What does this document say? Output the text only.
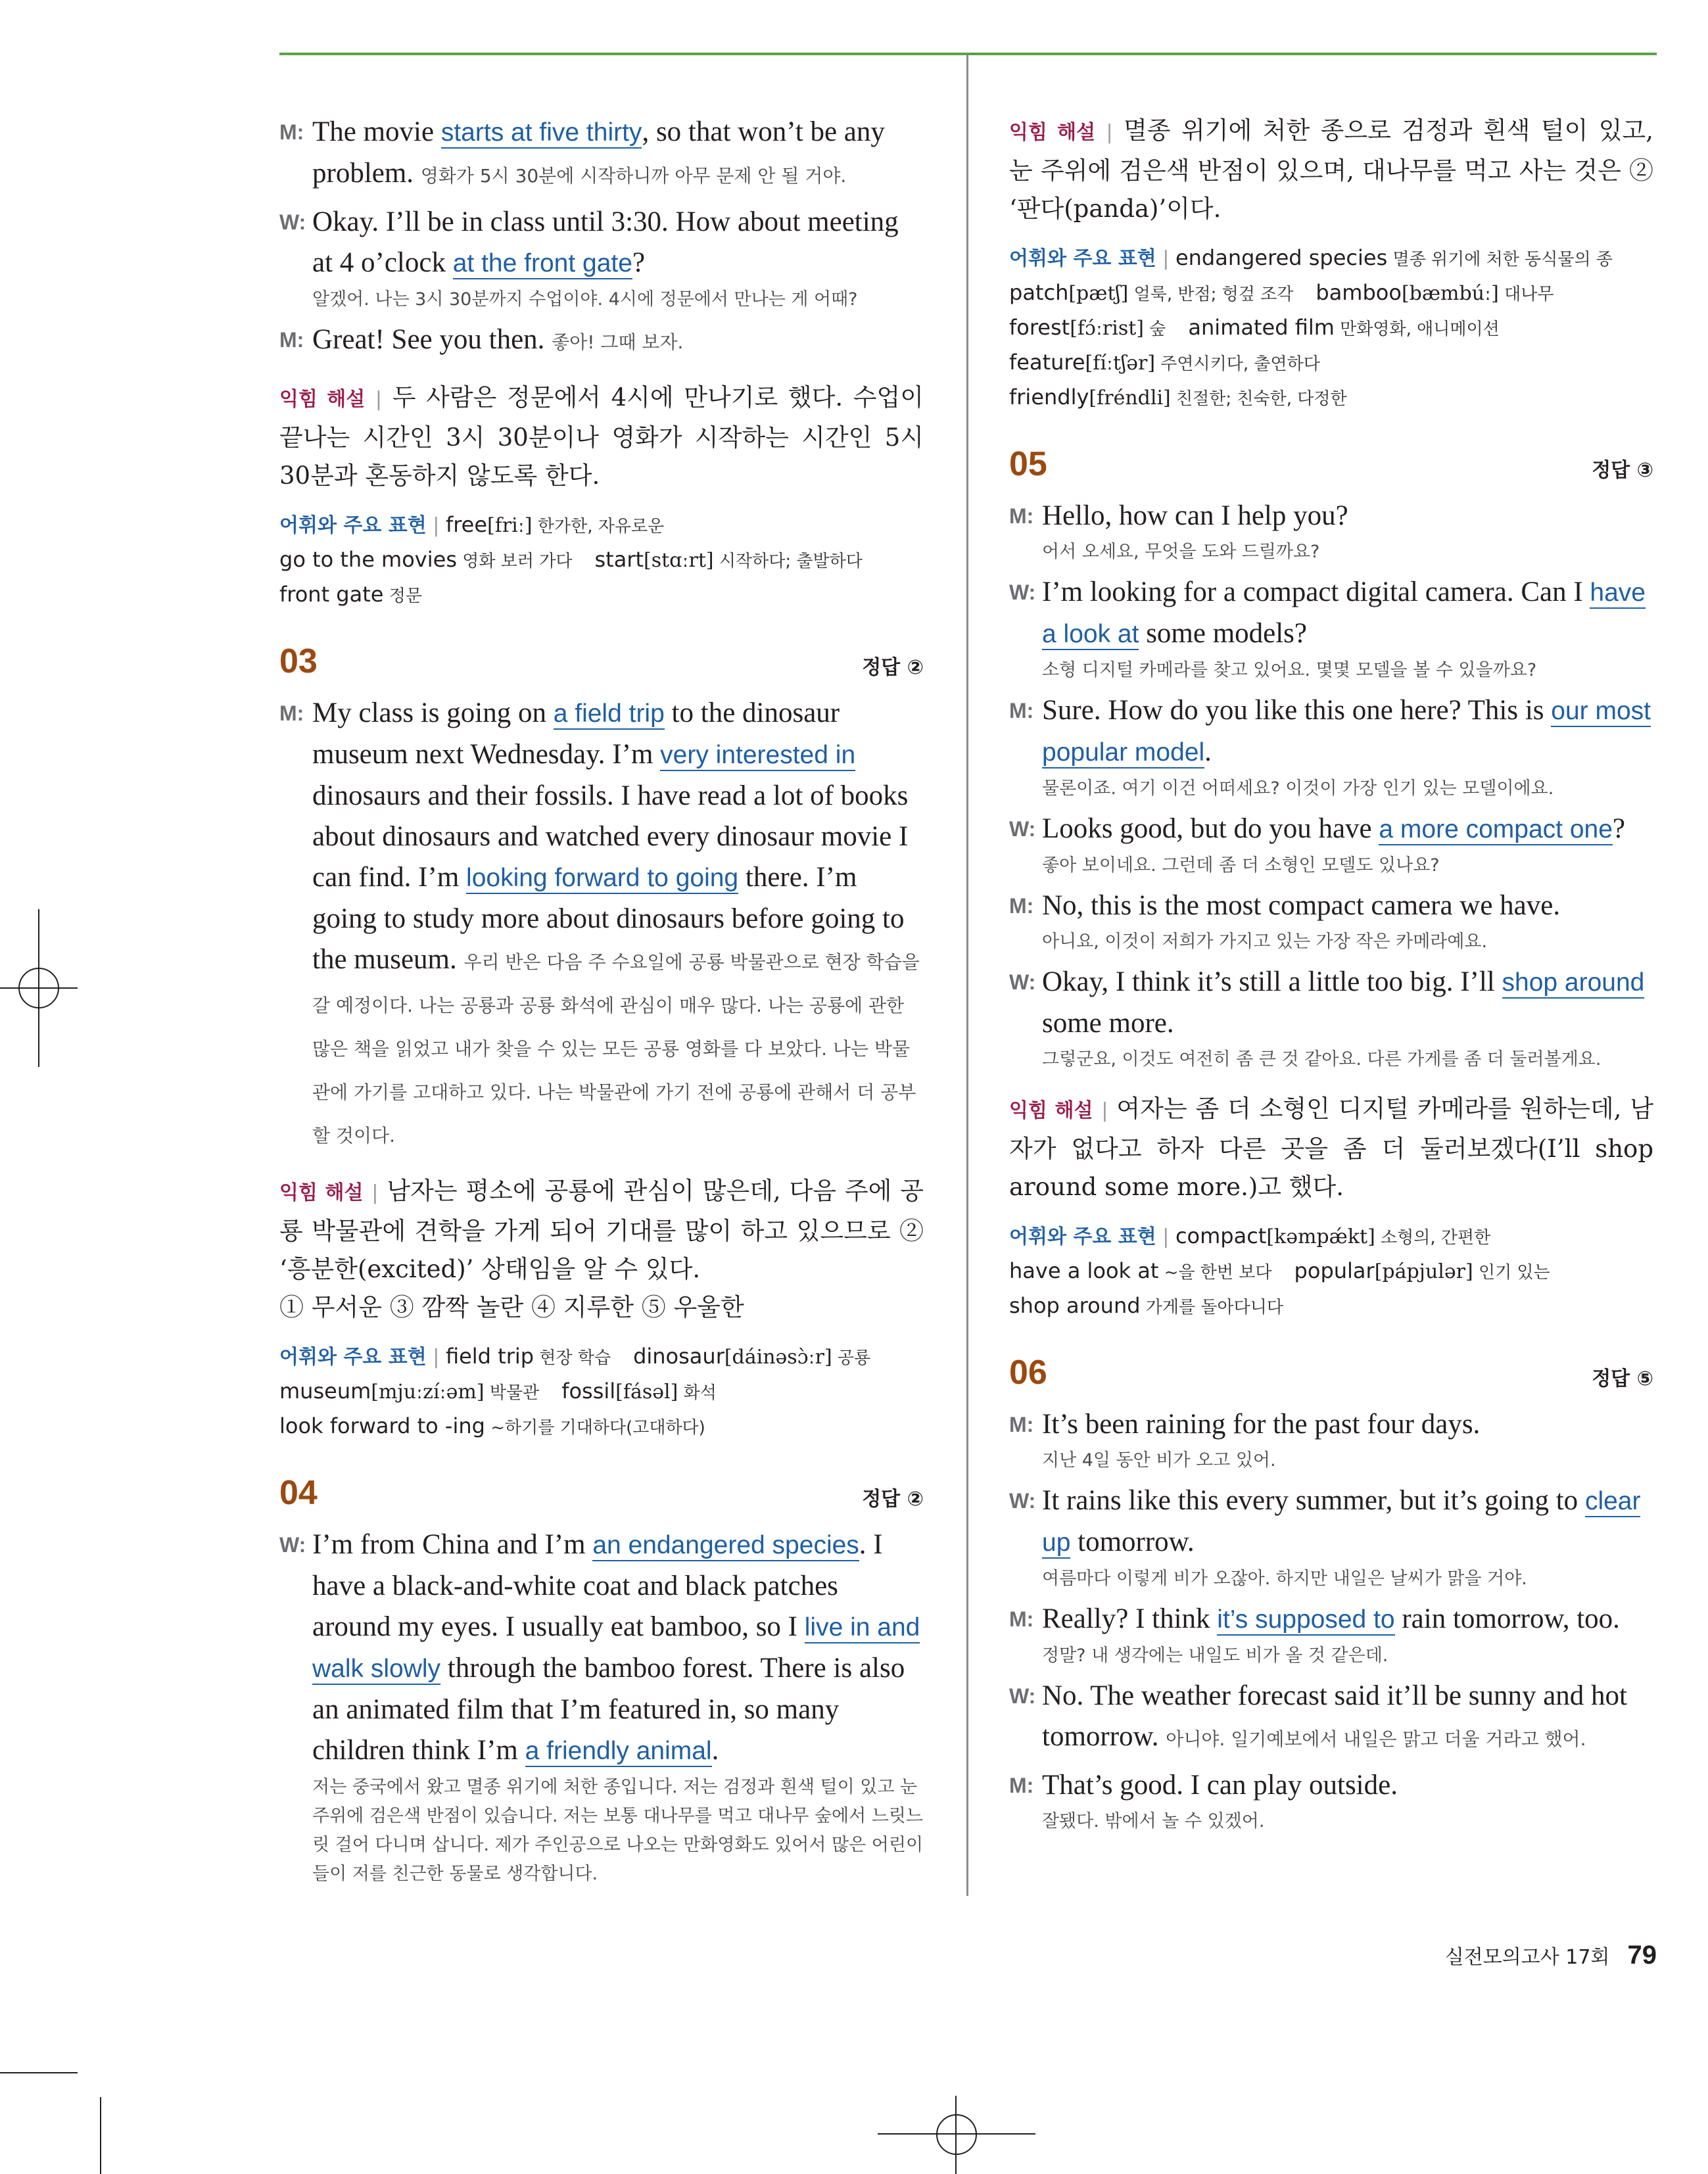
M: The movie starts at five thirty, so that won’t be any problem. 영화가 5시 30분에 시작하니까 아무 문제 안 될 거야.
W: Okay. I’ll be in class until 3:30. How about meeting at 4 o’clock at the front gate?
알겠어. 나는 3시 30분까지 수업이야. 4시에 정문에서 만나는 게 어때?
M: Great! See you then. 좋아! 그때 보자.
익힘 해설 | 두 사람은 정문에서 4시에 만나기로 했다. 수업이 끝나는 시간인 3시 30분이나 영화가 시작하는 시간인 5시 30분과 혼동하지 않도록 한다.
어휘와 주요 표현 | free[friː] 한가한, 자유로운
go to the movies 영화 보러 가다 start[stɑːrt] 시작하다; 출발하다
front gate 정문
03	정답 ②
M: My class is going on a field trip to the dinosaur museum next Wednesday. I’m very interested in dinosaurs and their fossils. I have read a lot of books about dinosaurs and watched every dinosaur movie I can find. I’m looking forward to going there. I’m going to study more about dinosaurs before going to the museum. 우리 반은 다음 주 수요일에 공룡 박물관으로 현장 학습을 갈 예정이다. 나는 공룡과 공룡 화석에 관심이 매우 많다. 나는 공룡에 관한 많은 책을 읽었고 내가 찾을 수 있는 모든 공룡 영화를 다 보았다. 나는 박물관에 가기를 고대하고 있다. 나는 박물관에 가기 전에 공룡에 관해서 더 공부할 것이다.
익힘 해설 | 남자는 평소에 공룡에 관심이 많은데, 다음 주에 공룡 박물관에 견학을 가게 되어 기대를 많이 하고 있으므로 ② ‘흥분한(excited)’ 상태임을 알 수 있다.
① 무서운 ③ 깜짝 놀란 ④ 지루한 ⑤ 우울한
어휘와 주요 표현 | field trip 현장 학습 dinosaur[dáinəsɔ̀ːr] 공룡
museum[mjuːzíːəm] 박물관 fossil[fásəl] 화석
look forward to -ing ~하기를 기대하다(고대하다)
04	정답 ②
W: I’m from China and I’m an endangered species. I have a black-and-white coat and black patches around my eyes. I usually eat bamboo, so I live in and walk slowly through the bamboo forest. There is also an animated film that I’m featured in, so many children think I’m a friendly animal.
저는 중국에서 왔고 멸종 위기에 처한 종입니다. 저는 검정과 흰색 털이 있고 눈 주위에 검은색 반점이 있습니다. 저는 보통 대나무를 먹고 대나무 숲에서 느릿느릿 걸어 다니며 삽니다. 제가 주인공으로 나오는 만화영화도 있어서 많은 어린이들이 저를 친근한 동물로 생각합니다.
익힘 해설 | 멸종 위기에 처한 종으로 검정과 흰색 털이 있고, 눈 주위에 검은색 반점이 있으며, 대나무를 먹고 사는 것은 ② ‘판다(panda)’이다.
어휘와 주요 표현 | endangered species 멸종 위기에 처한 동식물의 종
patch[pætʃ] 얼룩, 반점; 헝겊 조각 bamboo[bæmbúː] 대나무
forest[fɔ́ːrist] 숲 animated film 만화영화, 애니메이션
feature[fíːtʃər] 주연시키다, 출연하다
friendly[fréndli] 친절한; 친숙한, 다정한
05	정답 ③
M: Hello, how can I help you?
어서 오세요, 무엇을 도와 드릴까요?
W: I’m looking for a compact digital camera. Can I have a look at some models?
소형 디지털 카메라를 찾고 있어요. 몇몇 모델을 볼 수 있을까요?
M: Sure. How do you like this one here? This is our most popular model.
물론이죠. 여기 이건 어떠세요? 이것이 가장 인기 있는 모델이에요.
W: Looks good, but do you have a more compact one?
좋아 보이네요. 그런데 좀 더 소형인 모델도 있나요?
M: No, this is the most compact camera we have.
아니요, 이것이 저희가 가지고 있는 가장 작은 카메라예요.
W: Okay, I think it’s still a little too big. I’ll shop around some more.
그렇군요, 이것도 여전히 좀 큰 것 같아요. 다른 가게를 좀 더 둘러볼게요.
익힘 해설 | 여자는 좀 더 소형인 디지털 카메라를 원하는데, 남자가 없다고 하자 다른 곳을 좀 더 둘러보겠다(I’ll shop around some more.)고 했다.
어휘와 주요 표현 | compact[kəmpǽkt] 소형의, 간편한
have a look at ~을 한번 보다 popular[pápjulər] 인기 있는
shop around 가게를 돌아다니다
06	정답 ⑤
M: It’s been raining for the past four days.
지난 4일 동안 비가 오고 있어.
W: It rains like this every summer, but it’s going to clear up tomorrow.
여름마다 이렇게 비가 오잖아. 하지만 내일은 날씨가 맑을 거야.
M: Really? I think it’s supposed to rain tomorrow, too.
정말? 내 생각에는 내일도 비가 올 것 같은데.
W: No. The weather forecast said it’ll be sunny and hot tomorrow. 아니야. 일기예보에서 내일은 맑고 더울 거라고 했어.
M: That’s good. I can play outside.
잘됐다. 밖에서 놀 수 있겠어.
실전모의고사 17회 79
